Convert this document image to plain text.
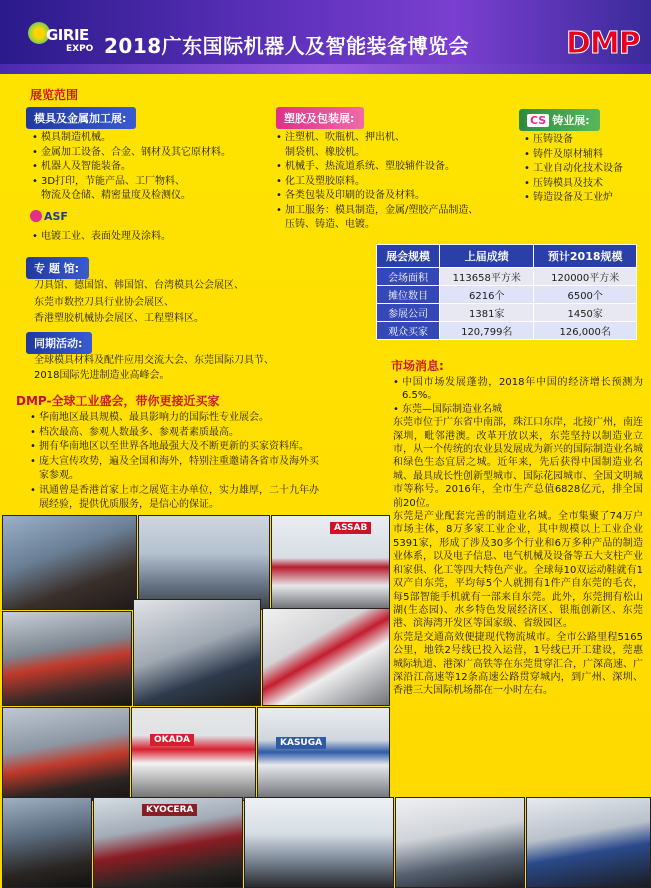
GIRIE
EXPO 2018广东国际机器人及智能装备博览会	DMP
展览范围
模具及金属加工展:
• 模具制造机械。
• 金属加工设备、合金、钢材及其它原材料。
• 机器人及智能装备。
• 3D打印，节能产品、工厂物料、
物流及仓储、精密量度及检测仪。
塑胶及包装展:
• 注塑机、吹瓶机、押出机、
制袋机、橡胶机。
• 机械手、热流道系统、塑胶辅件设备。
• 化工及塑胶原料。
• 各类包装及印刷的设备及材料。
• 加工服务：模具制造，金属/塑胶产品制造、
压铸、铸造、电镀。
CS 铸业展:
• 压铸设备
• 铸件及原材辅料
• 工业自动化技术设备
• 压铸模具及技术
• 铸造设备及工业炉
ASF
• 电镀工业、表面处理及涂料。
专 题 馆:
刀具馆、德国馆、韩国馆、台湾模具公会展区、
东莞市数控刀具行业协会展区、
香港塑胶机械协会展区、工程塑料区。
同期活动:
全球模具材料及配件应用交流大会、东莞国际刀具节、
2018国际先进制造业高峰会。
DMP-全球工业盛会，带你更接近买家
• 华南地区最具规模、最具影响力的国际性专业展会。
• 档次最高、参观人数最多、参观者素质最高。
• 拥有华南地区以至世界各地最强大及不断更新的买家资料库。
• 庞大宣传攻势，遍及全国和海外，特别注重邀请各省市及海外买
家参观。
• 讯通曾是香港首家上市之展览主办单位，实力雄厚，二十九年办
展经验，提供优质服务，是信心的保证。
展会规模	上届成绩	预计2018规模
会场面积	113658平方米	120000平方米
摊位数目	6216个	6500个
参展公司	1381家	1450家
观众买家	120,799名	126,000名
市场消息:
• 中国市场发展蓬勃，2018年中国的经济增长预测为6.5%。
• 东莞—国际制造业名城
东莞市位于广东省中南部，珠江口东岸，北接广州，南连深圳，毗邻港澳。改革开放以来，东莞坚持以制造业立市，从一个传统的农业县发展成为新兴的国际制造业名城和绿色生态宜居之城。近年来，先后获得中国制造业名城、最具成长性创新型城市、国际花园城市、全国文明城市等称号。2016年，全市生产总值6828亿元，排全国前20位。
东莞是产业配套完善的制造业名城。全市集聚了74万户市场主体，8万多家工业企业，其中规模以上工业企业5391家，形成了涉及30多个行业和6万多种产品的制造业体系，以及电子信息、电气机械及设备等五大支柱产业和家俱、化工等四大特色产业。全球每10双运动鞋就有1双产自东莞，平均每5个人就拥有1件产自东莞的毛衣，每5部智能手机就有一部来自东莞。此外，东莞拥有松山湖(生态园)、水乡特色发展经济区、银瓶创新区、东莞港、滨海湾开发区等国家级、省级园区。
东莞是交通高效便捷现代物流城市。全市公路里程5165公里，地铁2号线已投入运营，1号线已开工建设，莞惠城际轨道、港深广高铁等在东莞贯穿汇合，广深高速、广深沿江高速等12条高速公路贯穿城内，到广州、深圳、香港三大国际机场都在一小时左右。
ASSAB
OKADA	KASUGA
KYOCERA
